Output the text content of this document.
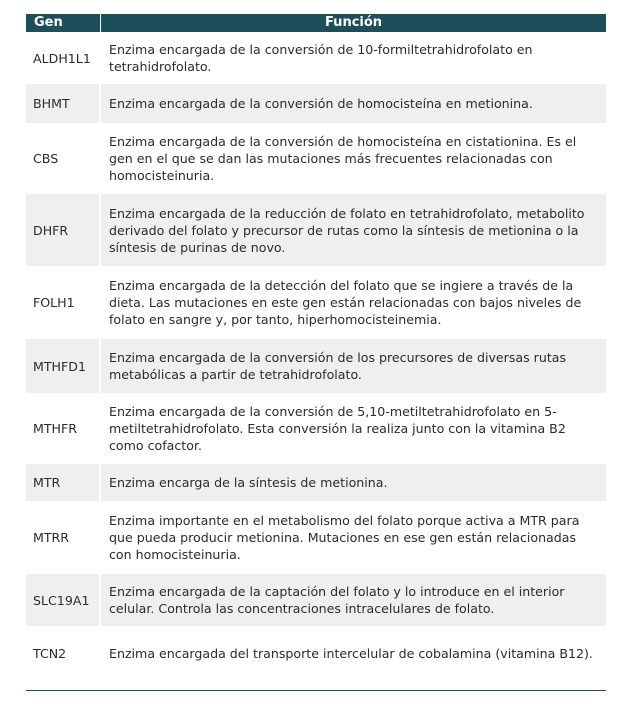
Gen	Función
ALDH1L1	Enzima encargada de la conversión de 10-formiltetrahidrofolato en tetrahidrofolato.
BHMT	Enzima encargada de la conversión de homocisteína en metionina.
CBS	Enzima encargada de la conversión de homocisteína en cistationina. Es el gen en el que se dan las mutaciones más frecuentes relacionadas con homocisteinuria.
DHFR	Enzima encargada de la reducción de folato en tetrahidrofolato, metabolito derivado del folato y precursor de rutas como la síntesis de metionina o la síntesis de purinas de novo.
FOLH1	Enzima encargada de la detección del folato que se ingiere a través de la dieta. Las mutaciones en este gen están relacionadas con bajos niveles de folato en sangre y, por tanto, hiperhomocisteinemia.
MTHFD1	Enzima encargada de la conversión de los precursores de diversas rutas metabólicas a partir de tetrahidrofolato.
MTHFR	Enzima encargada de la conversión de 5,10-metiltetrahidrofolato en 5-metiltetrahidrofolato. Esta conversión la realiza junto con la vitamina B2 como cofactor.
MTR	Enzima encarga de la síntesis de metionina.
MTRR	Enzima importante en el metabolismo del folato porque activa a MTR para que pueda producir metionina. Mutaciones en ese gen están relacionadas con homocisteinuria.
SLC19A1	Enzima encargada de la captación del folato y lo introduce en el interior celular. Controla las concentraciones intracelulares de folato.
TCN2	Enzima encargada del transporte intercelular de cobalamina (vitamina B12).
